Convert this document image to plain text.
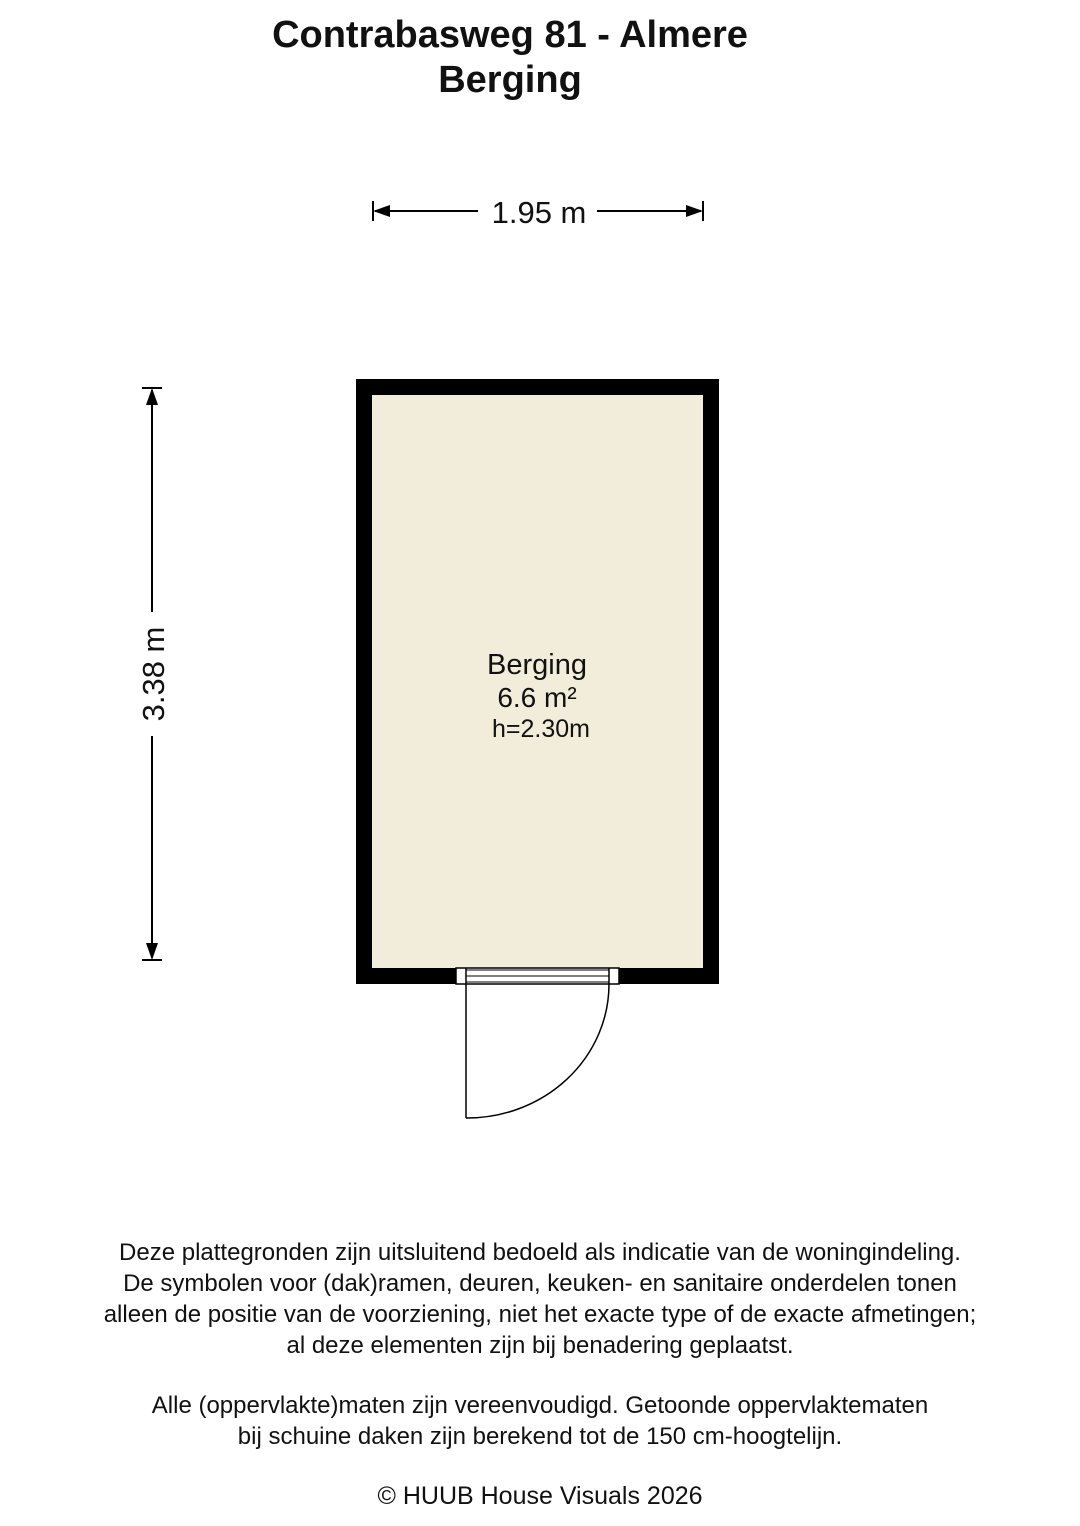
Contrabasweg 81 - Almere
Berging
1.95 m
3.38 m	Berging
6.6 m²
h=2.30m
Deze plattegronden zijn uitsluitend bedoeld als indicatie van de woningindeling.
De symbolen voor (dak)ramen, deuren, keuken- en sanitaire onderdelen tonen
alleen de positie van de voorziening, niet het exacte type of de exacte afmetingen;
al deze elementen zijn bij benadering geplaatst.
Alle (oppervlakte)maten zijn vereenvoudigd. Getoonde oppervlaktematen
bij schuine daken zijn berekend tot de 150 cm-hoogtelijn.
© HUUB House Visuals 2026
